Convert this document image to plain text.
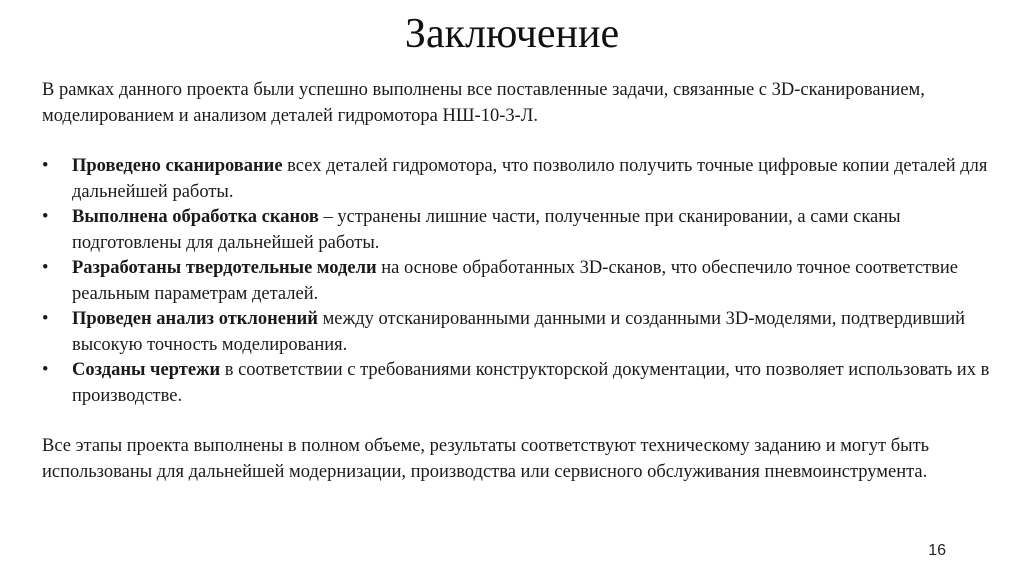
Заключение

В рамках данного проекта были успешно выполнены все поставленные задачи, связанные с 3D-сканированием, моделированием и анализом деталей гидромотора НШ-10-3-Л.

•	Проведено сканирование всех деталей гидромотора, что позволило получить точные цифровые копии деталей для дальнейшей работы.
•	Выполнена обработка сканов – устранены лишние части, полученные при сканировании, а сами сканы подготовлены для дальнейшей работы.
•	Разработаны твердотельные модели на основе обработанных 3D-сканов, что обеспечило точное соответствие реальным параметрам деталей.
•	Проведен анализ отклонений между отсканированными данными и созданными 3D-моделями, подтвердивший высокую точность моделирования.
•	Созданы чертежи в соответствии с требованиями конструкторской документации, что позволяет использовать их в производстве.

Все этапы проекта выполнены в полном объеме, результаты соответствуют техническому заданию и могут быть использованы для дальнейшей модернизации, производства или сервисного обслуживания пневмоинструмента.

16
